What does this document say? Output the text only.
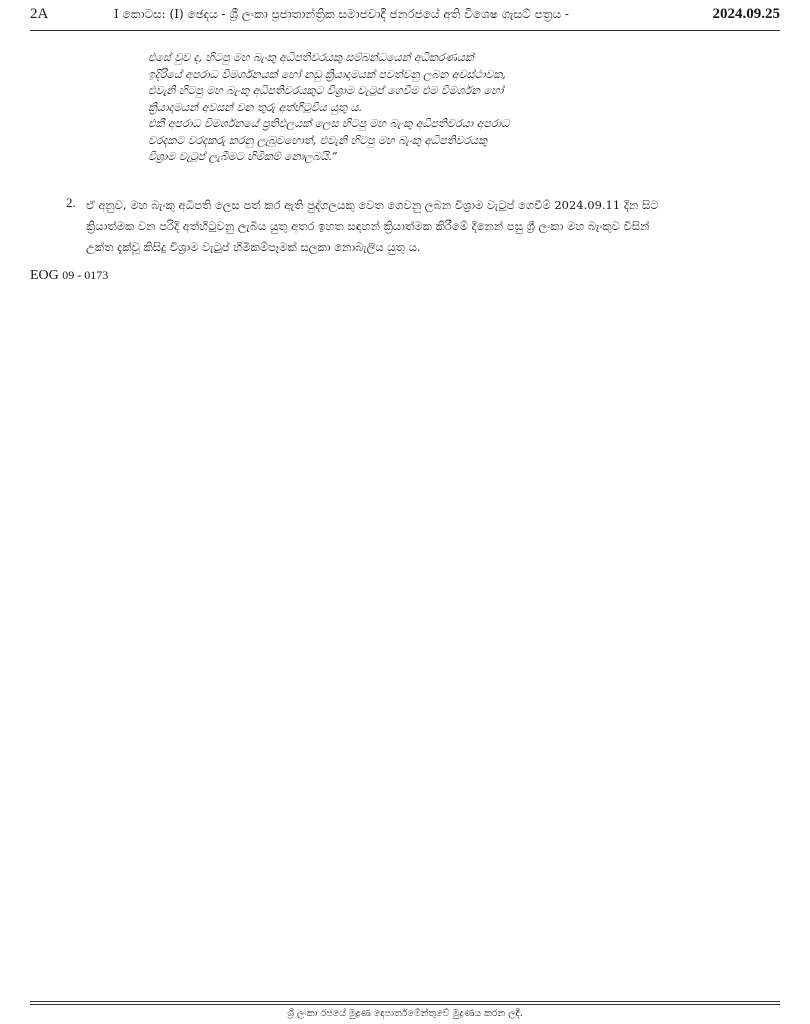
2A	I කොටස: (I) ඡෙදය - ශ්‍රී ලංකා ප්‍රජාතාන්ත්‍රික සමාජවාදී ජනරජයේ අති විශෙෂ ගැසට් පත්‍රය -	2024.09.25
එසේ වුව ද, හිටපු මහ බැංකු අධිපතිවරයකු සම්බන්ධයෙන් අධිකරණයක්
ඉදිරියේ අපරාධ විමර්ශනයක් හෝ නඩු ක්‍රියාදාමයක් පවත්වනු ලබන අවස්ථාවක,
එවැනි හිටපු මහ බැංකු අධිපතිවරයකුට විශ්‍රාම වැටුප් ගෙවීම එම විමර්ශන හෝ
ක්‍රියාදාමයන් අවසන් වන තුරු අත්හිටුවිය යුතු ය.
එකී අපරාධ විමර්ශනයේ ප්‍රතිඵලයක් ලෙස හිටපු මහ බැංකු අධිපතිවරයා අපරාධ
වරදකට වරදකරු කරනු ලැබුවහොත්, එවැනි හිටපු මහ බැංකු අධිපතිවරයකු
විශ්‍රාම වැටුප් ලැබීමට හිමිකම් නොලබයි.”
2. ඒ අනුව, මහ බැංකු අධිපති ලෙස පත් කර ඇති පුද්ගලයකු වෙත ගෙවනු ලබන විශ්‍රාම වැටුප් ගෙවීම් 2024.09.11 දින සිට
ක්‍රියාත්මක වන පරිදි අත්හිටුවනු ලැබිය යුතු අතර ඉහත සඳහන් ක්‍රියාත්මක කිරීමේ දිනෙන් පසු ශ්‍රී ලංකා මහ බැංකුව විසින්
උක්ත දැක්වූ කිසිදු විශ්‍රාම වැටුප් හිමිකම්පෑමක් සලකා නොබැලිය යුතු ය.
EOG 09 - 0173
ශ්‍රී ලංකා රජයේ මුද්‍රණ දෙපාර්තමේන්තුවේ මුද්‍රණය කරන ලදී.
